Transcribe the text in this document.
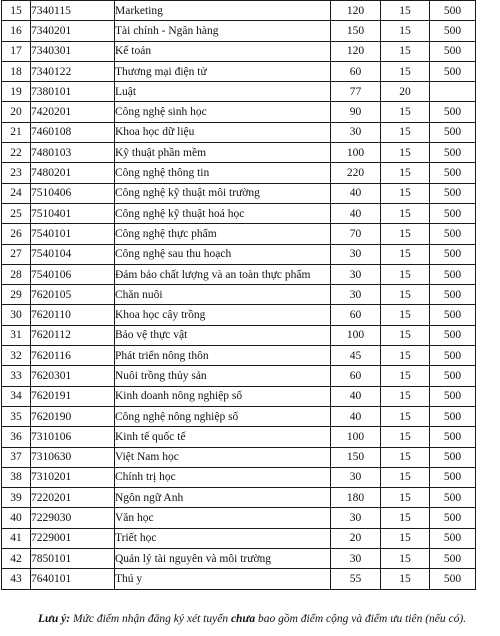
15	7340115	Marketing	120	15	500
16	7340201	Tài chính - Ngân hàng	150	15	500
17	7340301	Kế toán	120	15	500
18	7340122	Thương mại điện tử	60	15	500
19	7380101	Luật	77	20	
20	7420201	Công nghệ sinh học	90	15	500
21	7460108	Khoa học dữ liệu	30	15	500
22	7480103	Kỹ thuật phần mềm	100	15	500
23	7480201	Công nghệ thông tin	220	15	500
24	7510406	Công nghệ kỹ thuật môi trường	40	15	500
25	7510401	Công nghệ kỹ thuật hoá học	40	15	500
26	7540101	Công nghệ thực phẩm	70	15	500
27	7540104	Công nghệ sau thu hoạch	30	15	500
28	7540106	Đảm bảo chất lượng và an toàn thực phẩm	30	15	500
29	7620105	Chăn nuôi	30	15	500
30	7620110	Khoa học cây trồng	60	15	500
31	7620112	Bảo vệ thực vật	100	15	500
32	7620116	Phát triển nông thôn	45	15	500
33	7620301	Nuôi trồng thủy sản	60	15	500
34	7620191	Kinh doanh nông nghiệp số	40	15	500
35	7620190	Công nghệ nông nghiệp số	40	15	500
36	7310106	Kinh tế quốc tế	100	15	500
37	7310630	Việt Nam học	150	15	500
38	7310201	Chính trị học	30	15	500
39	7220201	Ngôn ngữ Anh	180	15	500
40	7229030	Văn học	30	15	500
41	7229001	Triết học	20	15	500
42	7850101	Quản lý tài nguyên và môi trường	30	15	500
43	7640101	Thú y	55	15	500

Lưu ý: Mức điểm nhận đăng ký xét tuyển chưa bao gồm điểm cộng và điểm ưu tiên (nếu có).
